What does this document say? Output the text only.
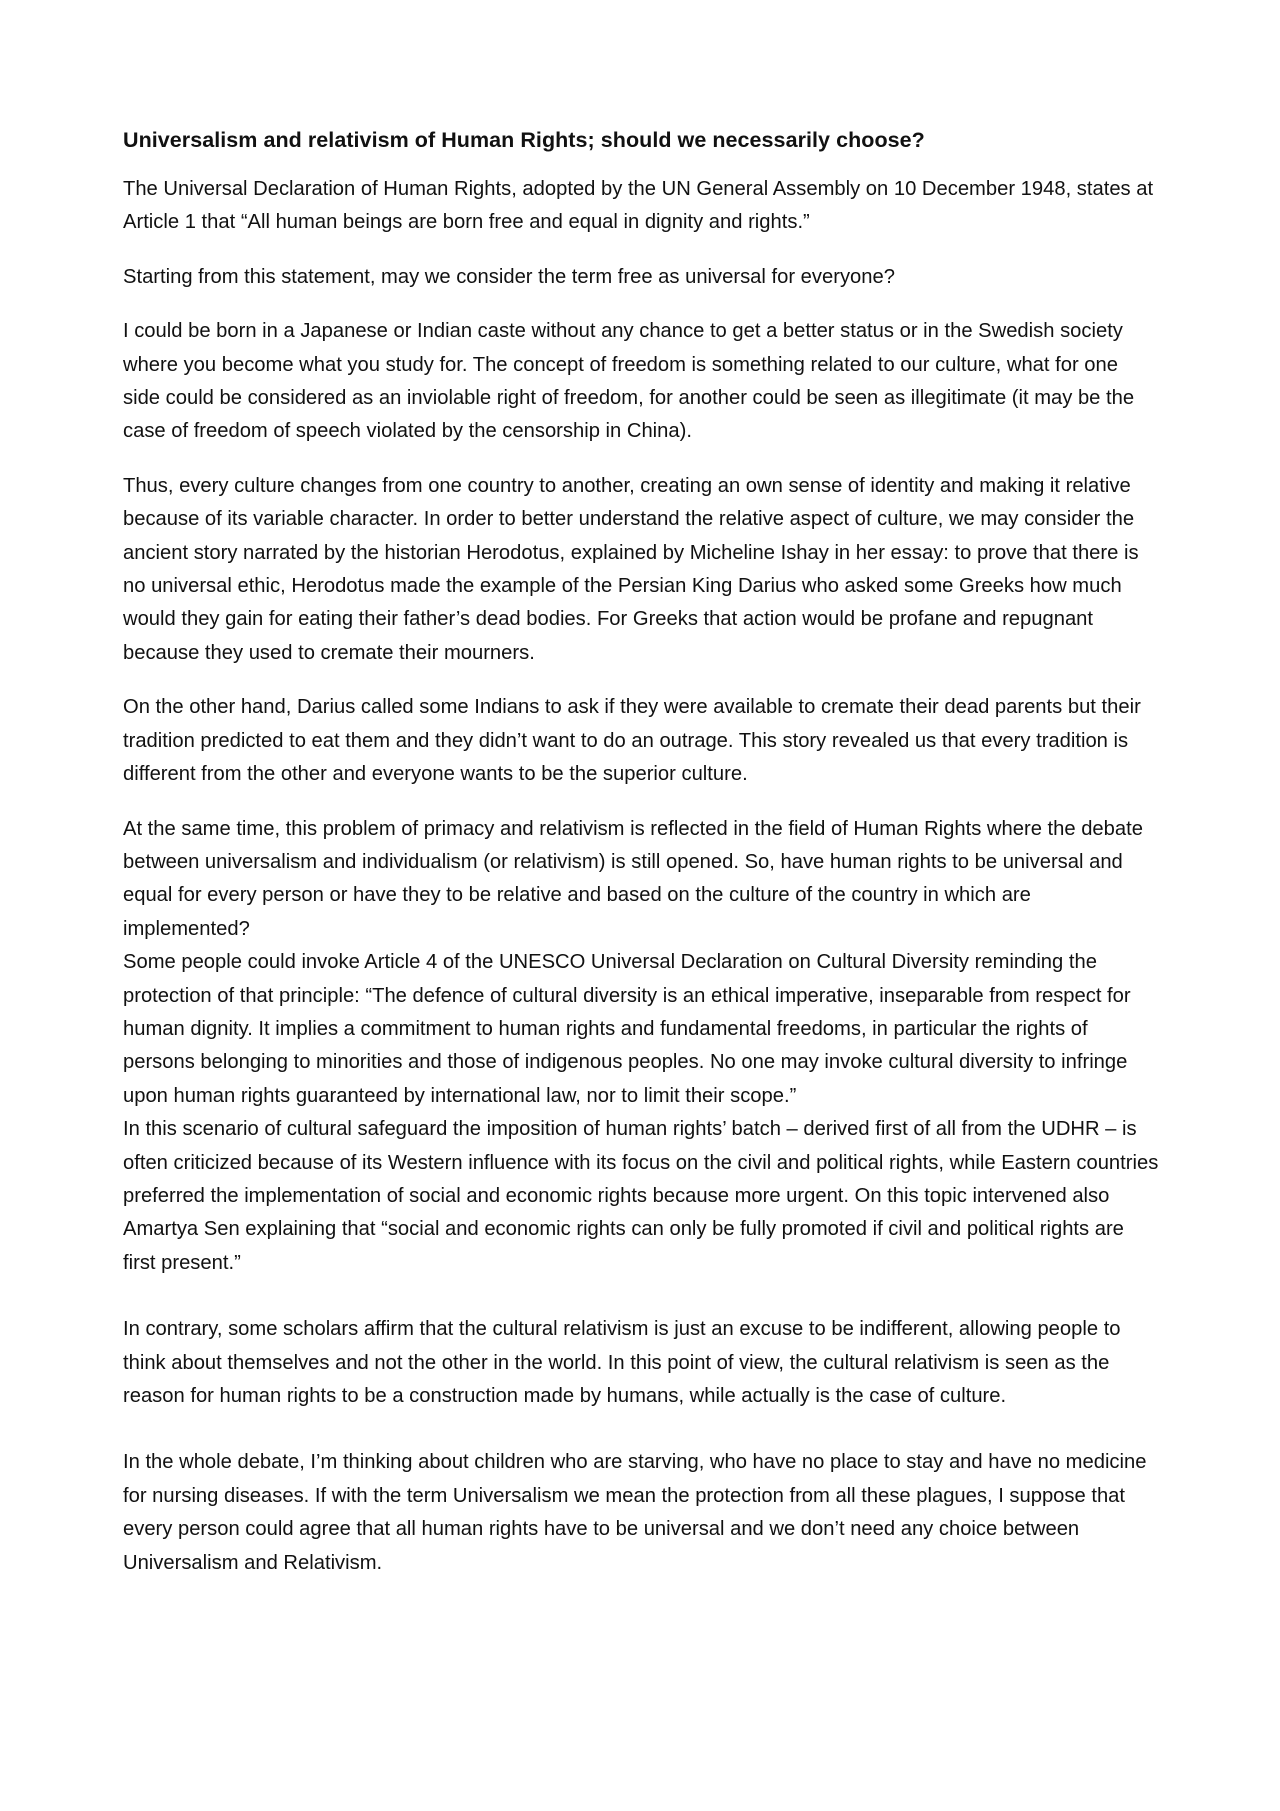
Universalism and relativism of Human Rights; should we necessarily choose?

The Universal Declaration of Human Rights, adopted by the UN General Assembly on 10 December 1948, states at Article 1 that “All human beings are born free and equal in dignity and rights.”

Starting from this statement, may we consider the term free as universal for everyone?

I could be born in a Japanese or Indian caste without any chance to get a better status or in the Swedish society where you become what you study for. The concept of freedom is something related to our culture, what for one side could be considered as an inviolable right of freedom, for another could be seen as illegitimate (it may be the case of freedom of speech violated by the censorship in China).

Thus, every culture changes from one country to another, creating an own sense of identity and making it relative because of its variable character. In order to better understand the relative aspect of culture, we may consider the ancient story narrated by the historian Herodotus, explained by Micheline Ishay in her essay: to prove that there is no universal ethic, Herodotus made the example of the Persian King Darius who asked some Greeks how much would they gain for eating their father’s dead bodies. For Greeks that action would be profane and repugnant because they used to cremate their mourners.

On the other hand, Darius called some Indians to ask if they were available to cremate their dead parents but their tradition predicted to eat them and they didn’t want to do an outrage. This story revealed us that every tradition is different from the other and everyone wants to be the superior culture.

At the same time, this problem of primacy and relativism is reflected in the field of Human Rights where the debate between universalism and individualism (or relativism) is still opened. So, have human rights to be universal and equal for every person or have they to be relative and based on the culture of the country in which are implemented?

Some people could invoke Article 4 of the UNESCO Universal Declaration on Cultural Diversity reminding the protection of that principle: “The defence of cultural diversity is an ethical imperative, inseparable from respect for human dignity. It implies a commitment to human rights and fundamental freedoms, in particular the rights of persons belonging to minorities and those of indigenous peoples. No one may invoke cultural diversity to infringe upon human rights guaranteed by international law, nor to limit their scope.”

In this scenario of cultural safeguard the imposition of human rights’ batch – derived first of all from the UDHR – is often criticized because of its Western influence with its focus on the civil and political rights, while Eastern countries preferred the implementation of social and economic rights because more urgent. On this topic intervened also Amartya Sen explaining that “social and economic rights can only be fully promoted if civil and political rights are first present.”

In contrary, some scholars affirm that the cultural relativism is just an excuse to be indifferent, allowing people to think about themselves and not the other in the world. In this point of view, the cultural relativism is seen as the reason for human rights to be a construction made by humans, while actually is the case of culture.

In the whole debate, I’m thinking about children who are starving, who have no place to stay and have no medicine for nursing diseases. If with the term Universalism we mean the protection from all these plagues, I suppose that every person could agree that all human rights have to be universal and we don’t need any choice between Universalism and Relativism.
